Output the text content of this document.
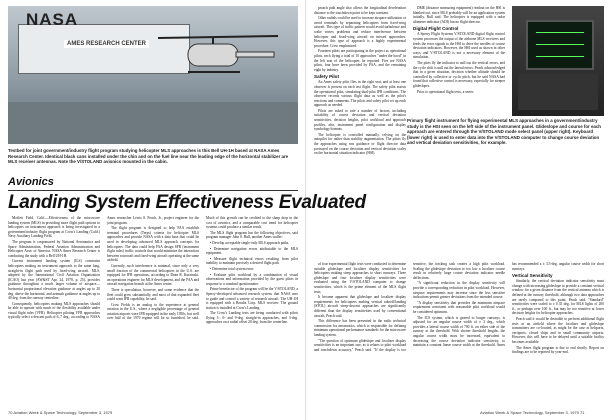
NASA
AMES RESEARCH CENTER
Testbed for joint government/industry flight program studying helicopter MLS approaches is this Bell UH-1H based at NASA Ames Research Center. Identical black cans installed under the chin and on the fuel line near the leading edge of the horizontal stabilizer are MLS receiver antennas. Note the V/STOLAND avionics mounted in the cabin.
Avionics
Landing System Effectiveness Evaluated

Moffett Field, Calif.—Effectiveness of the microwave landing system (MLS) in providing more flight path options to helicopters on instrument approach is being investigated in a government/industry flight program at Crow's Landing (Calif.) Navy Auxiliary Landing Field.

The program is cosponsored by National Aeronautics and Space Administration, Federal Aviation Administration and Helicopter Assn. of America. NASA Ames Research Center is conducting the study with a Bell UH-1H.

Current instrument landing system (ILS) constrains helicopters making an instrument approach to the same long, straight-in flight path used by fixed-wing aircraft. MLS, adopted by the International Civil Aviation Organization (ICAO) last year (AW&ST Apr. 24, 1978, p. 25), provides guidance throughout a much larger volume of airspace—horizontal proportional elevation guidance at angles up to 20 deg. above the horizontal, and azimuth guidance at angles up to 40 deg. from the runway centerline.

Consequently, helicopters making MLS approaches should be able to operate with much of the flexibility available under visual flight rules (VFR). Helicopter piloting VFR approaches typically select a descent path of 6–7 deg., according to NASA Ames researcher Lewis S. Peach, Jr., project engineer for the joint program.

The flight program is designed to help FAA establish terminal procedures (Terps) criteria for helicopter MLS approaches and provide NASA with a data base that could be used in developing advanced MLS approach concepts for helicopters. The data could help FAA design SFR (instrument flight rules) traffic controls that would minimize the interaction between rotorcraft and fixed-wing aircraft operating at the same airfield.

Currently, such interference is minimal, since only a very small fraction of the commercial helicopters in the U.S. are equipped for IFR operations, according to Dean R. Kurzinski, an operations engineer for MLS development, and the FAA and aircraft navigation branch at the Ames center.

There is speculation, however, and some evidence that the fleet could grow substantially, and most of that expanded fleet could want IFR capability, he said.

Crow Fields is an analog to the experience at general aviation in the U.S., where a negligible percentage of general aviation airports were IFR equipped in the early 1950s, but well over half of the 1970 regime will be so furnished, he said. Much of this growth can be credited to the sharp drop in the cost of avionics, and a comparable cost trend for helicopter systems could produce a similar result.

The MLS flight program has the following objectives, said program manager John S. Bull, another Ames staffer:

• Develop acceptable single-only MLS approach paths.

• Determine navigation errors attributable to the MLS equipment.

• Measure flight technical errors resulting from pilot inability to maintain precisely a desired flight path.

• Determine total system error.

• Evaluate pilot workload by a combination of visual observations and information provided by the guest pilots in response to a standard questionnaire.

Prime benefactor of the program will be the V/STOLAND, a Sperry-developed advanced research system, that NASA uses to guide and control a variety of research aircraft. The UH-1H is equipped with a Bendix Corp. MLS receiver. The ground station is installed at Crow's Landing.

The Crow's Landing tests are being conducted with pilots flying 3-, 6- and 9-deg. straight-in approaches, and 3-deg. approaches on a radial offset 20 deg. from the centerline.

70 Aviation Week & Space Technology, September 3, 1979

proach path angle also allows the longitudinal deceleration distance to the touchdown point to be kept constant.

Other radials could be used to increase airspace utilization or avoid terminals by separating helicopters from fixed-wing aircraft. This type of traffic pattern would avoid turbulence and wake vortex problems and reduce interference between helicopter and fixed-wing aircraft on missed approaches. However, this type of approach is a highly experimental procedure. Crow emphasized.

Fourteen pilots are participating in the project as operational pilots, each flying a total of 10 approaches "under the hood" in the left seat of the helicopter, he reported. Five are NASA pilots, four have been provided by FAA, and the remaining eight by industry.

Safety Pilot

An Ames safety pilot flies in the right seat, and at least one observer is present on each test flight. The safety pilot assists the operational pilot, simulating dual-pilot IFR conditions. The observer records various flight data as well as the pilot's reactions and comments. The pilots and safety pilot set up each approach as needed.

Pilots are asked to rate a number of factors, including suitability of course deviation and vertical deviation sensitivities, decision heights, pilot workload and approach profiles, also, instrument panel configuration and display symbology/formats.

The helicopter is controlled manually, relying on the autopilot for rather than stability augmentation. The pilots fly the approaches using raw guidance or flight director data portrayed on the course deviation and vertical deviation scales on the horizontal situation indicator (HSI).

DME (distance measuring equipment) readout on the HSI is blanked out, since MLS probably will be an application system initially, Bull said. The helicopter is equipped with a radar altimeter indicator (ADI) but no flight director.

Digital Flight Control

A Sperry Flight Systems V/STOLAND digital flight control system processes the output of the airborne MLS receivers and feeds the error signals to the HSI to drive the needles of course deviation indicators. However, the HSI used as shown in other ways, and V/STOLAND is not a necessary element of the simulation.

The plots fly the indicator to null out the vertical errors, and the cycle shift is null out the lateral errors. Peach acknowledged that in a given situation, decision whether altitude should be controlled by collective or cyclic pitch, but he said NASA had found that collective control is necessary, especially for steeper glideslopes.

Prior to operational flight tests, a series

Primary flight instrument for flying experimental MLS approaches in a government/industry study is the HSI seen on the left side of the instrument panel. Glideslope and course for each approach are entered through the V/STOLAND mode select panel (upper right). Keyboard (lower right) is used to enter data into the V/STOLAND computer to change course deviation and vertical deviation sensitivities, for example.

of four experimental flight tests were conducted to determine suitable glideslope and localizer display sensitivities for helicopters making steep approaches to short runways. Three glideslope and four localizer display sensitivities were evaluated using the V/STOLAND computer to change sensitivities, which is the prime element of the MLS flight tests.

It became apparent that glideslope and localizer display requirements for helicopters making vertical takeoff/landing (STOL) aircraft steep-descent approaches are significantly different than the display sensitivities used by conventional aircraft, Peach said.

This difference has been presented in the radio technical commission for aeronautics, which is responsible for defining minimum operational performance standards for the microwave landing system.

"The question of optimum glideslope and localizer display sensitivities is an important one, as it relates to pilot workload and touchdown accuracy," Peach said. "If the display is too sensitive, the tracking task creates a high pilot workload. Scaling the glideslope deviation to too low a localizer course result in relatively large course deviation indicator needle deflections.

"A significant reduction in the display sensitivity will provide a corresponding reduction in pilot workload. However, airspace requirements may increase since the less sensitive indications permit greater deviations from the intended course.

"A display sensitivity that provides the minimum airspace requirement consistent with reasonable pilot workload would be considered optimum.

The ICS system, which is geared to longer runways, is adjusted for an angular course width of ± 3 deg., which provides a lateral course width of 700 ft. on either side of the runway at the threshold. With shorter threshold lengths, the angular course width must be increased, equivalent to decreasing the course deviation indicator sensitivity, to maintain a constant linear course width at the threshold. Ames has recommended a ± 3.5-deg. angular course width for short runways.

Vertical Sensitivity

Similarly, the vertical deviation indicator sensitivity must change with increasing glideslope to provide a constant vertical window for a given distance from the vertical antenna which is defined at the runway threshold, although two data approaches are rarely compared to this point, Peach said. "Standard" sensitivities were scaled to ± 0.35 deg. for MLS lights of 200 ft., or perhaps over 100 ft., but may be too sensitive at lower decision heights for helicopter approaches.

Peach said it would be desirable to perform additional flight tests at an airfield where the localizer and glideslope transmitters are co-located, as might be the case at heliports, vertiports, closed ships and in small community airports. However, this will have to be delayed until a suitable facility becomes available.

The Ames flight program is due to end shortly. Report on findings are to be reported by year-end.

Aviation Week & Space Technology, September 3, 1979 71
